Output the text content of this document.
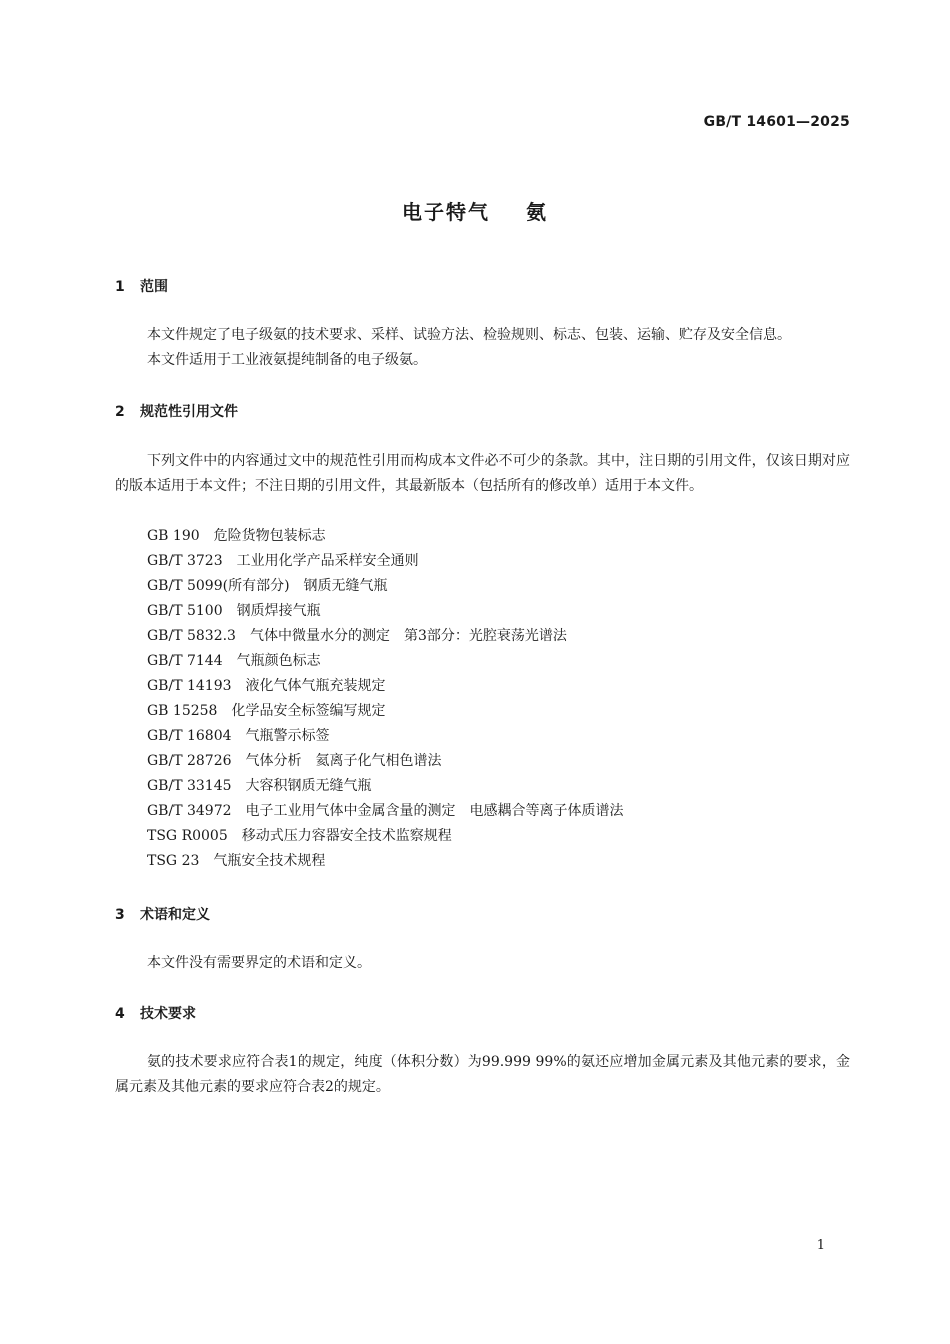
GB/T 14601—2025
电子特气 氨
1 范围

本文件规定了电子级氨的技术要求、采样、试验方法、检验规则、标志、包装、运输、贮存及安全信息。

本文件适用于工业液氨提纯制备的电子级氨。

2 规范性引用文件

下列文件中的内容通过文中的规范性引用而构成本文件必不可少的条款。其中，注日期的引用文件，仅该日期对应的版本适用于本文件；不注日期的引用文件，其最新版本（包括所有的修改单）适用于本文件。

GB 190 危险货物包装标志
GB/T 3723 工业用化学产品采样安全通则
GB/T 5099(所有部分) 钢质无缝气瓶
GB/T 5100 钢质焊接气瓶
GB/T 5832.3 气体中微量水分的测定　第3部分：光腔衰荡光谱法
GB/T 7144 气瓶颜色标志
GB/T 14193 液化气体气瓶充装规定
GB 15258 化学品安全标签编写规定
GB/T 16804 气瓶警示标签
GB/T 28726 气体分析　氦离子化气相色谱法
GB/T 33145 大容积钢质无缝气瓶
GB/T 34972 电子工业用气体中金属含量的测定　电感耦合等离子体质谱法
TSG R0005 移动式压力容器安全技术监察规程
TSG 23 气瓶安全技术规程
3 术语和定义

本文件没有需要界定的术语和定义。

4 技术要求

氨的技术要求应符合表1的规定，纯度（体积分数）为99.999 99%的氨还应增加金属元素及其他元素的要求，金属元素及其他元素的要求应符合表2的规定。

1
